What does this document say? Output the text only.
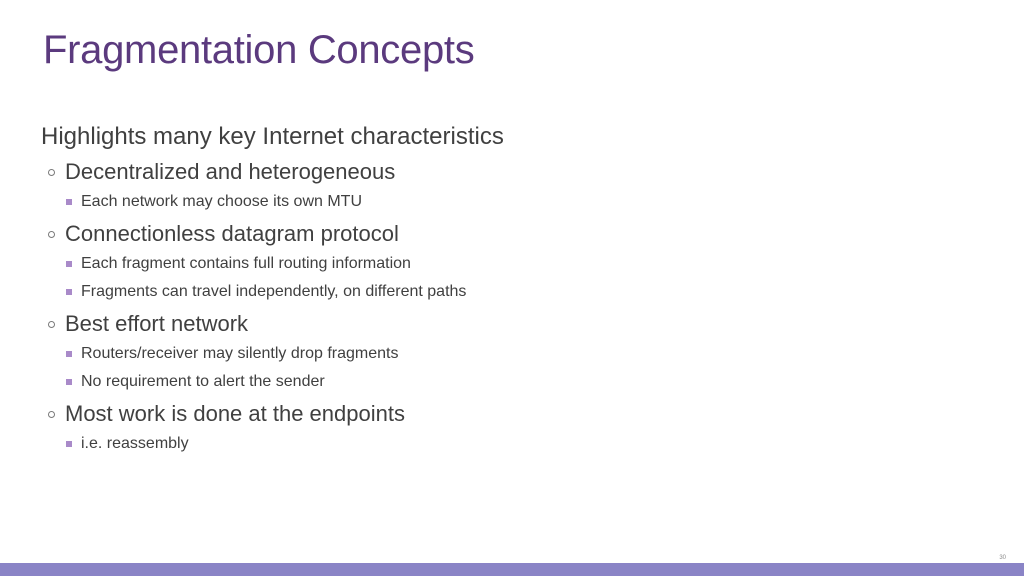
Fragmentation Concepts
Highlights many key Internet characteristics
Decentralized and heterogeneous
Each network may choose its own MTU
Connectionless datagram protocol
Each fragment contains full routing information
Fragments can travel independently, on different paths
Best effort network
Routers/receiver may silently drop fragments
No requirement to alert the sender
Most work is done at the endpoints
i.e. reassembly
30
